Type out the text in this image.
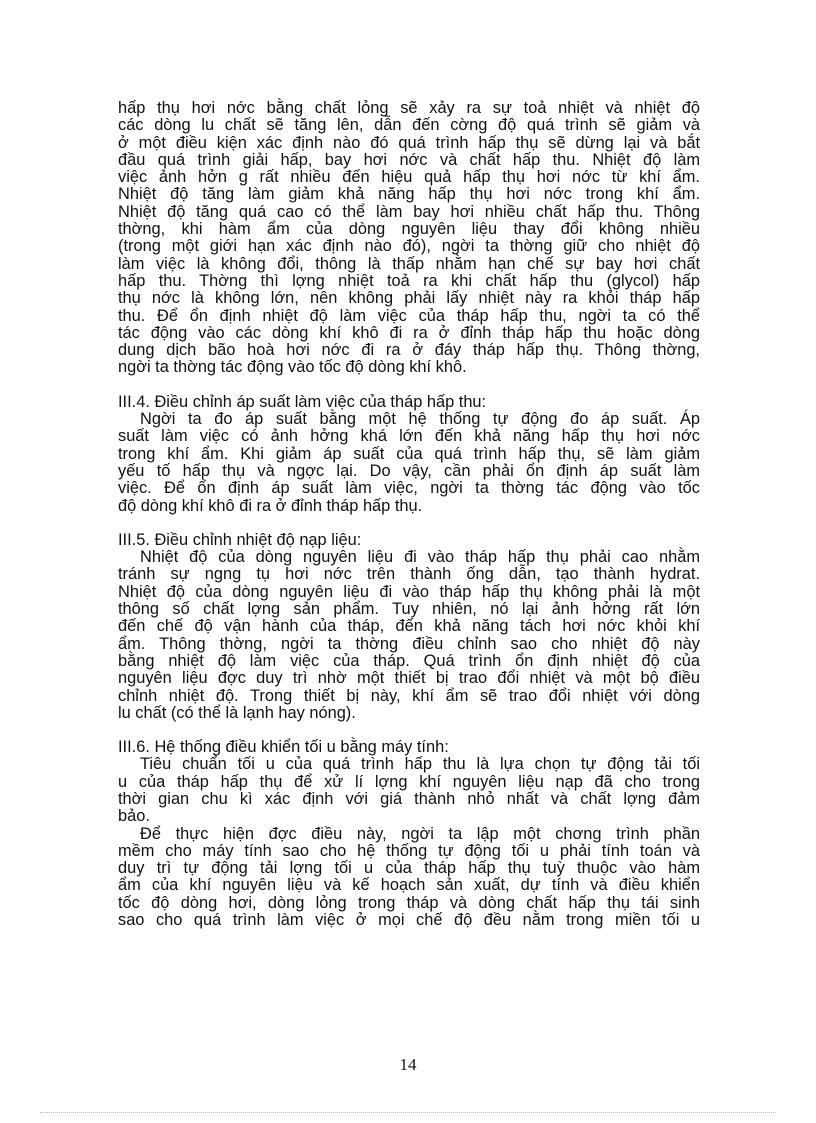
hấp thụ hơi nớc bằng chất lỏng sẽ xảy ra sự toả nhiệt và nhiệt độ
các dòng lu chất sẽ tăng lên, dẫn đến cờng độ quá trình sẽ giảm và
ở một điều kiện xác định nào đó quá trình hấp thụ sẽ dừng lại và bắt
đầu quá trình giải hấp, bay hơi nớc và chất hấp thu. Nhiệt độ làm
việc ảnh hởn g rất nhiều đến hiệu quả hấp thụ hơi nớc từ khí ẩm.
Nhiệt độ tăng làm giảm khả năng hấp thụ hơi nớc trong khí ẩm.
Nhiệt độ tăng quá cao có thể làm bay hơi nhiều chất hấp thu. Thông
thờng, khi hàm ẩm của dòng nguyên liệu thay đổi không nhiều
(trong một giới hạn xác định nào đó), ngời ta thờng giữ cho nhiệt độ
làm việc là không đổi, thông là thấp nhằm hạn chế sự bay hơi chất
hấp thu. Thờng thì lợng nhiệt toả ra khi chất hấp thu (glycol) hấp
thụ nớc là không lớn, nên không phải lấy nhiệt này ra khỏi tháp hấp
thu. Để ổn định nhiệt độ làm việc của tháp hấp thu, ngời ta có thể
tác động vào các dòng khí khô đi ra ở đỉnh tháp hấp thu hoặc dòng
dung dịch bão hoà hơi nớc đi ra ở đáy tháp hấp thụ. Thông thờng,
ngời ta thờng tác động vào tốc độ dòng khí khô.
III.4. Điều chỉnh áp suất làm việc của tháp hấp thu:
Ngời ta đo áp suất bằng một hệ thống tự động đo áp suất. Áp
suất làm việc có ảnh hởng khá lớn đến khả năng hấp thụ hơi nớc
trong khí ẩm. Khi giảm áp suất của quá trình hấp thụ, sẽ làm giảm
yếu tố hấp thụ và ngợc lại. Do vậy, cần phải ổn định áp suất làm
việc. Để ổn định áp suất làm việc, ngời ta thờng tác động vào tốc
độ dòng khí khô đi ra ở đỉnh tháp hấp thụ.
III.5. Điều chỉnh nhiệt độ nạp liệu:
Nhiệt độ của dòng nguyên liệu đi vào tháp hấp thụ phải cao nhằm
tránh sự ngng tụ hơi nớc trên thành ống dẫn, tạo thành hydrat.
Nhiệt độ của dòng nguyên liệu đi vào tháp hấp thụ không phải là một
thông số chất lợng sản phẩm. Tuy nhiên, nó lại ảnh hởng rất lớn
đến chế độ vận hành của tháp, đến khả năng tách hơi nớc khỏi khí
ẩm. Thông thờng, ngời ta thờng điều chỉnh sao cho nhiệt độ này
bằng nhiệt độ làm việc của tháp. Quá trình ổn định nhiệt độ của
nguyên liệu đợc duy trì nhờ một thiết bị trao đổi nhiệt và một bộ điều
chỉnh nhiệt độ. Trong thiết bị này, khí ẩm sẽ trao đổi nhiệt với dòng
lu chất (có thể là lạnh hay nóng).
III.6. Hệ thống điều khiển tối u bằng máy tính:
Tiêu chuẩn tối u của quá trình hấp thu là lựa chọn tự động tải tối
u của tháp hấp thụ để xử lí lợng khí nguyên liệu nạp đã cho trong
thời gian chu kì xác định với giá thành nhỏ nhất và chất lợng đảm
bảo.
Để thực hiện đợc điều này, ngời ta lập một chơng trình phần
mềm cho máy tính sao cho hệ thống tự động tối u phải tính toán và
duy trì tự động tải lợng tối u của tháp hấp thụ tuỳ thuộc vào hàm
ẩm của khí nguyên liệu và kế hoạch sản xuất, dự tính và điều khiển
tốc độ dòng hơi, dòng lỏng trong tháp và dòng chất hấp thụ tái sinh
sao cho quá trình làm việc ở mọi chế độ đều nằm trong miền tối u
14
